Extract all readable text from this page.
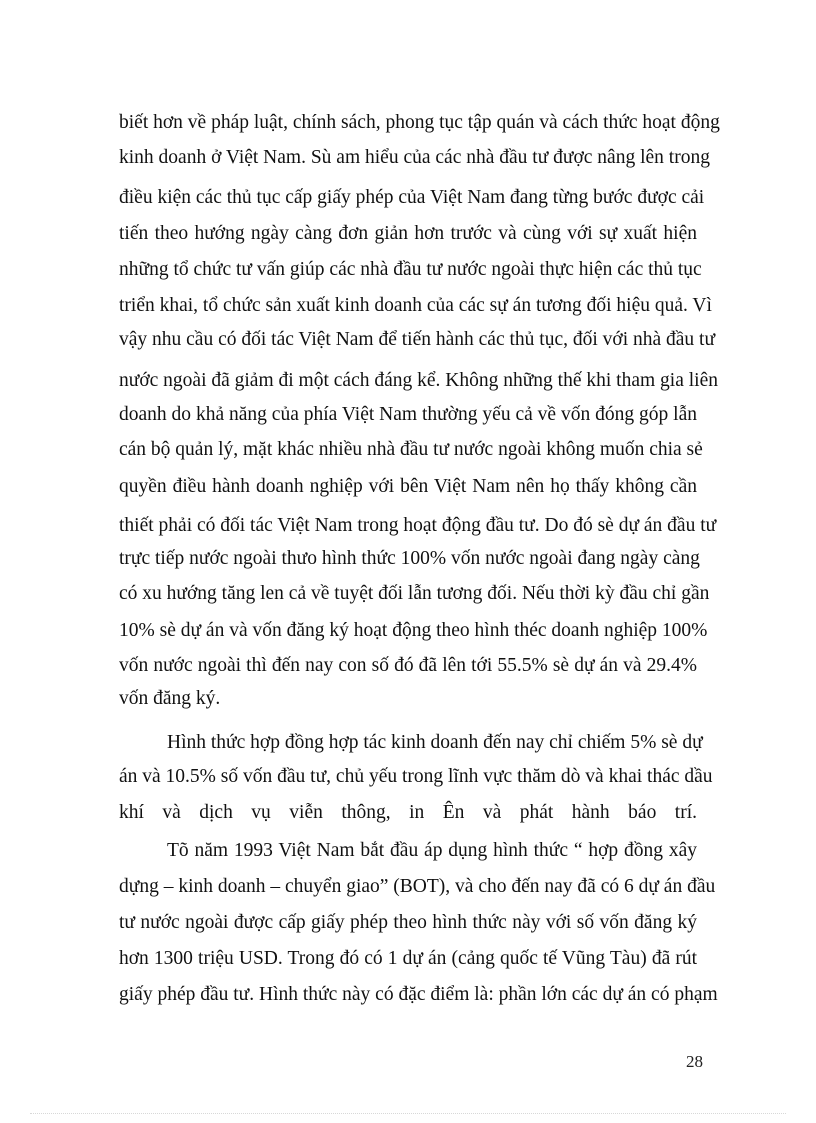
biết hơn về pháp luật, chính sách, phong tục tập quán và cách thức hoạt động
kinh doanh ở Việt Nam. Sù am hiểu của các nhà đầu tư được nâng lên trong
điều kiện các thủ tục cấp giấy phép của Việt Nam đang từng bước được cải
tiến theo hướng ngày càng đơn giản hơn trước và cùng với sự xuất hiện
những tổ chức tư vấn giúp các nhà đầu tư nước ngoài thực hiện các thủ tục
triển khai, tổ chức sản xuất kinh doanh của các sự án tương đối hiệu quả. Vì
vậy nhu cầu có đối tác Việt Nam để tiến hành các thủ tục, đối với nhà đầu tư
nước ngoài đã giảm đi một cách đáng kể. Không những thế khi tham gia liên
doanh do khả năng của phía Việt Nam thường yếu cả về vốn đóng góp lẫn
cán bộ quản lý, mặt khác nhiều nhà đầu tư nước ngoài không muốn chia sẻ
quyền điều hành doanh nghiệp với bên Việt Nam nên họ thấy không cần
thiết phải có đối tác Việt Nam trong hoạt động đầu tư. Do đó sè dự án đầu tư
trực tiếp nước ngoài thưo hình thức 100% vốn nước ngoài đang ngày càng
có xu hướng tăng len cả về tuyệt đối lẫn tương đối. Nếu thời kỳ đầu chỉ gần
10% sè dự án và vốn đăng ký hoạt động theo hình théc doanh nghiệp 100%
vốn nước ngoài thì đến nay con số đó đã lên tới 55.5% sè dự án và 29.4%
vốn đăng ký.
Hình thức hợp đồng hợp tác kinh doanh đến nay chỉ chiếm 5% sè dự
án và 10.5% số vốn đầu tư, chủ yếu trong lĩnh vực thăm dò và khai thác dầu
khí và dịch vụ viễn thông, in Ên và phát hành báo trí.
Tõ năm 1993 Việt Nam bắt đầu áp dụng hình thức “ hợp đồng xây
dựng – kinh doanh – chuyển giao” (BOT), và cho đến nay đã có 6 dự án đầu
tư nước ngoài được cấp giấy phép theo hình thức này với số vốn đăng ký
hơn 1300 triệu USD. Trong đó có 1 dự án (cảng quốc tế Vũng Tàu) đã rút
giấy phép đầu tư. Hình thức này có đặc điểm là: phần lớn các dự án có phạm
28
